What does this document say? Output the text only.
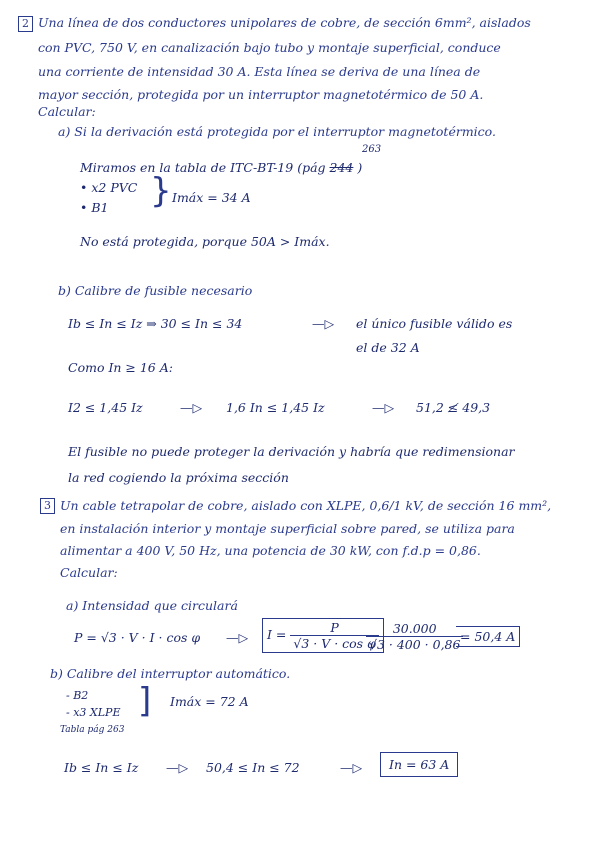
2 Una línea de dos conductores unipolares de cobre, de sección 6mm², aislados
con PVC, 750 V, en canalización bajo tubo y montaje superficial, conduce
una corriente de intensidad 30 A. Esta línea se deriva de una línea de
mayor sección, protegida por un interruptor magnetotérmico de 50 A.
Calcular:
a) Si la derivación está protegida por el interruptor magnetotérmico.
Miramos en la tabla de ITC-BT-19 (pág 244 )
263
• x2 PVC
• B1 } Imáx = 34 A
No está protegida, porque 50A > Imáx.
b) Calibre de fusible necesario
Ib ≤ In ≤ Iz ⇒ 30 ≤ In ≤ 34	—▷ el único fusible válido es
el de 32 A
Como In ≥ 16 A:
I2 ≤ 1,45 Iz	—▷ 1,6 In ≤ 1,45 Iz	—▷ 51,2 ≰ 49,3
El fusible no puede proteger la derivación y habría que redimensionar
la red cogiendo la próxima sección
3 Un cable tetrapolar de cobre, aislado con XLPE, 0,6/1 kV, de sección 16 mm²,
en instalación interior y montaje superficial sobre pared, se utiliza para
alimentar a 400 V, 50 Hz, una potencia de 30 kW, con f.d.p = 0,86.
Calcular:
a) Intensidad que circulará
P = √3 · V · I · cos φ —▷	$I = \frac{P}{\text{√3 · V · cos φ}}$
$\frac{30.000}{√3 \cdot 400 \cdot 0,86}$
= 50,4 A
b) Calibre del interruptor automático.
- B2
- x3 XLPE
Tabla pág 263
] Imáx = 72 A
Ib ≤ In ≤ Iz —▷ 50,4 ≤ In ≤ 72	—▷	In = 63 A
